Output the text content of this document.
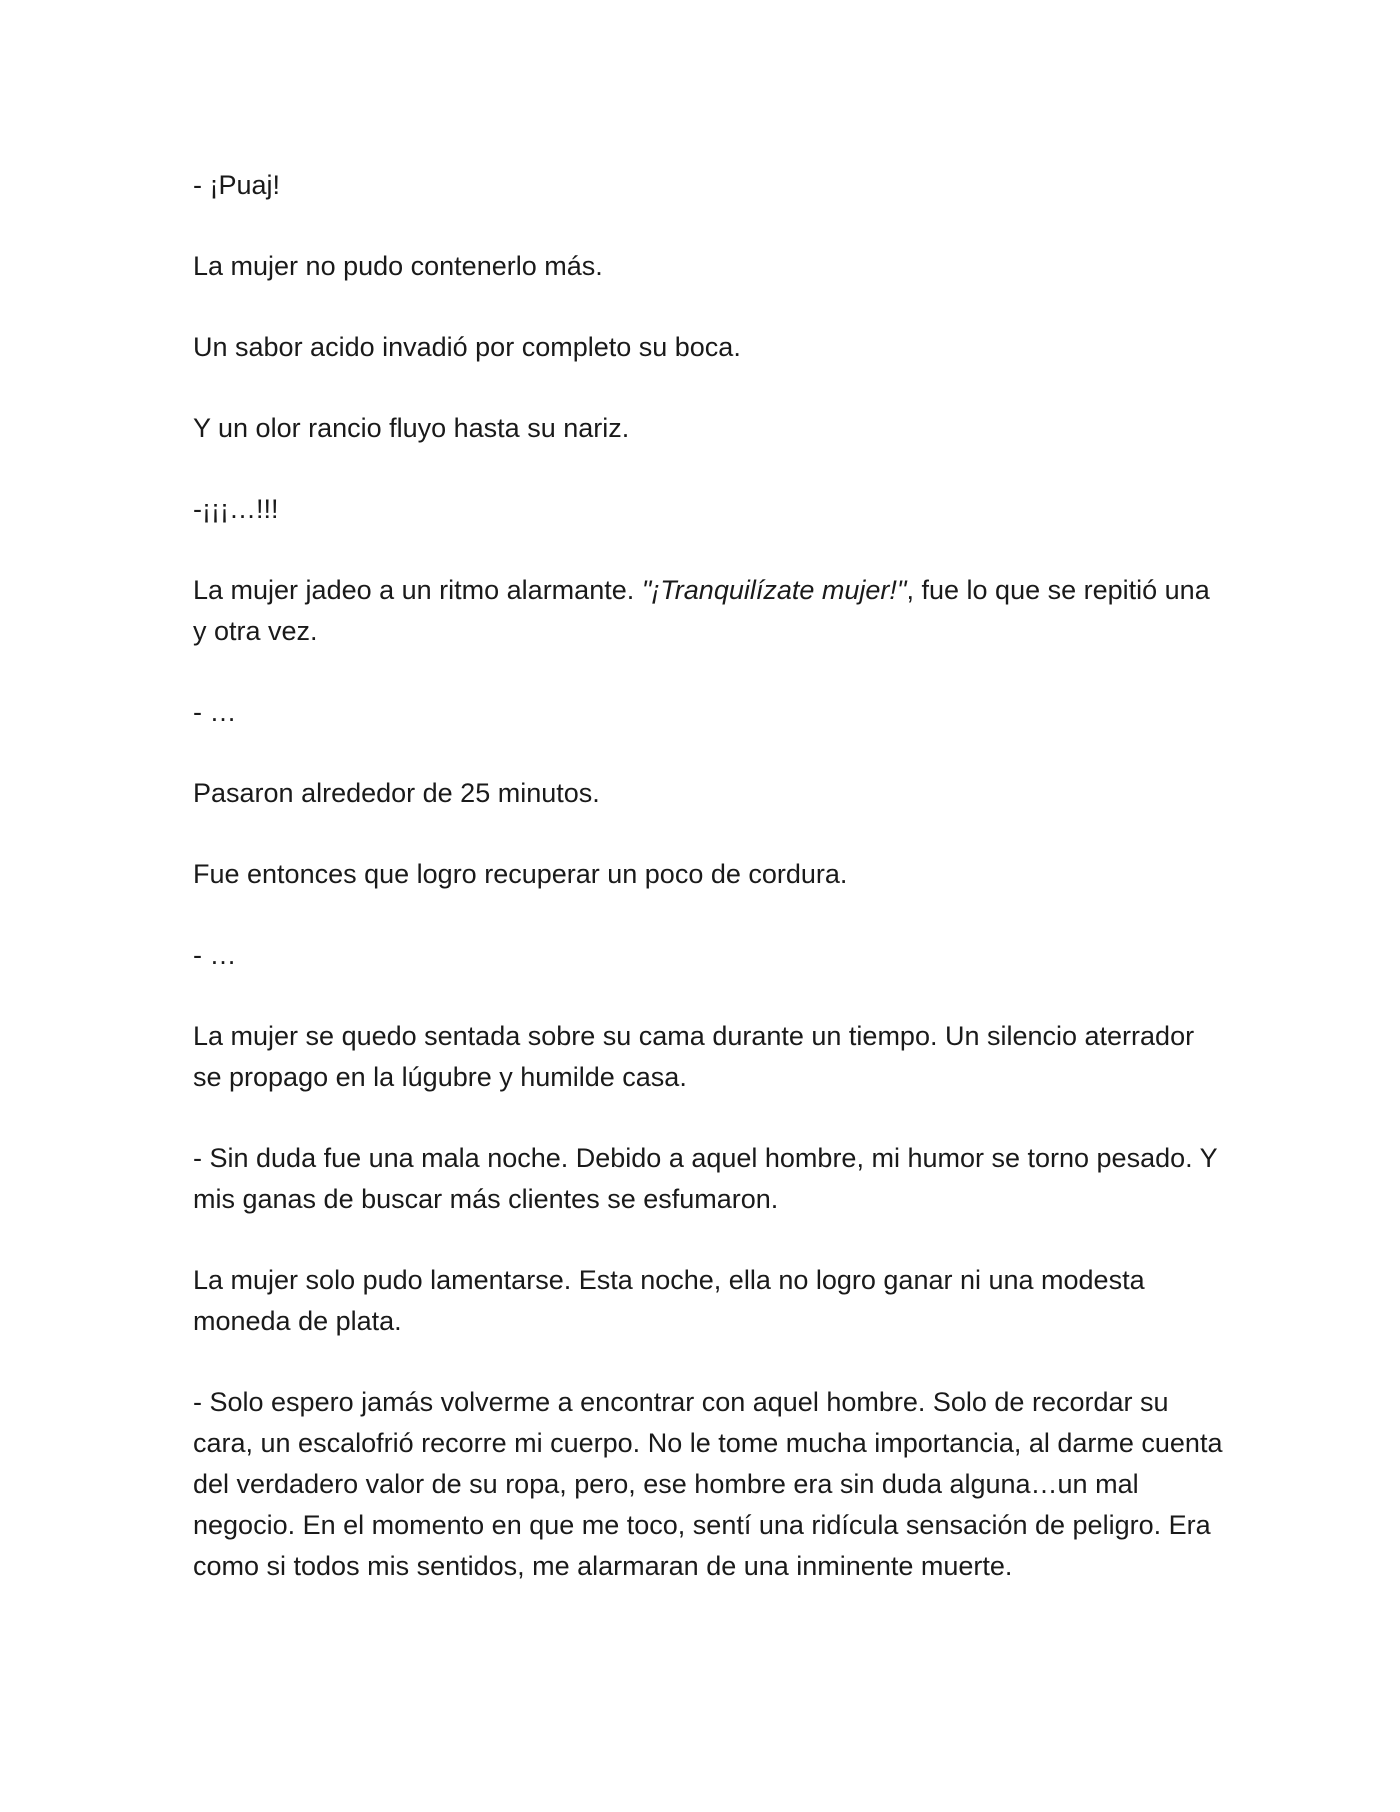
- ¡Puaj!

La mujer no pudo contenerlo más.

Un sabor acido invadió por completo su boca.

Y un olor rancio fluyo hasta su nariz.

-¡¡¡…!!!

La mujer jadeo a un ritmo alarmante. "¡Tranquilízate mujer!", fue lo que se repitió una y otra vez.

- …

Pasaron alrededor de 25 minutos.

Fue entonces que logro recuperar un poco de cordura.

- …

La mujer se quedo sentada sobre su cama durante un tiempo. Un silencio aterrador se propago en la lúgubre y humilde casa.

- Sin duda fue una mala noche. Debido a aquel hombre, mi humor se torno pesado. Y mis ganas de buscar más clientes se esfumaron.

La mujer solo pudo lamentarse. Esta noche, ella no logro ganar ni una modesta moneda de plata.

- Solo espero jamás volverme a encontrar con aquel hombre. Solo de recordar su cara, un escalofrió recorre mi cuerpo. No le tome mucha importancia, al darme cuenta del verdadero valor de su ropa, pero, ese hombre era sin duda alguna…un mal negocio. En el momento en que me toco, sentí una ridícula sensación de peligro. Era como si todos mis sentidos, me alarmaran de una inminente muerte.
